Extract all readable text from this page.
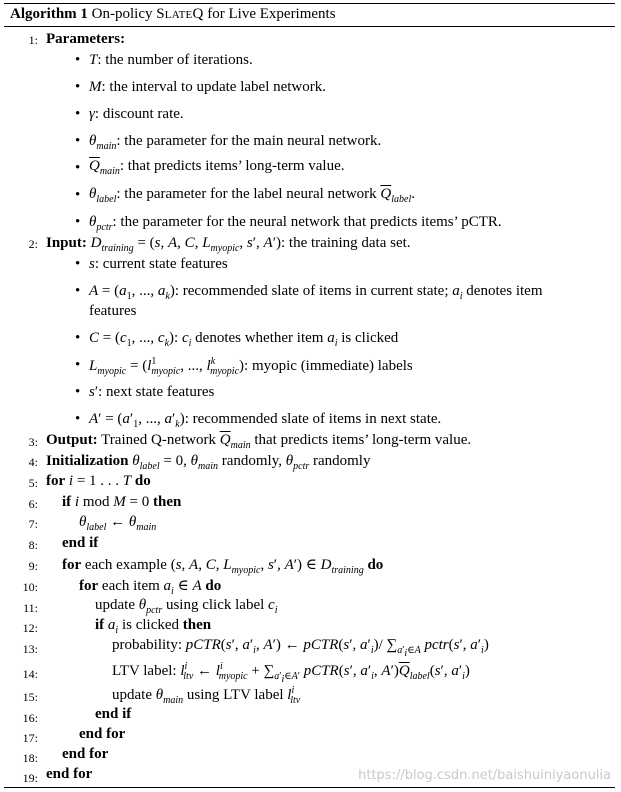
Algorithm 1 On-policy SlateQ for Live Experiments
1: Parameters:
• T: the number of iterations.
• M: the interval to update label network.
• γ: discount rate.
• $\theta_{main}$: the parameter for the main neural network.
• $\overline{Q}_{main}$: that predicts items’ long-term value.
• $\theta_{label}$: the parameter for the label neural network $\overline{Q}_{label}$.
• $\theta_{pctr}$: the parameter for the neural network that predicts items’ pCTR.
2: Input: $D_{training} = (s$, A, C, $L_{myopic}$, s′, A′): the training data set.
• s: current state features
• $A = (a_1$, ..., $a_k$): recommended slate of items in current state; $a_i$ denotes item
features
• $C = (c_1$, ..., $c_k$): $c_i$ denotes whether item $a_i$ is clicked
• $L_{myopic} = (l^1_{myopic}$, ..., $l^k_{myopic}$): myopic (immediate) labels
• s′: next state features
• $A' = (a'_1$, ..., $a'_k$): recommended slate of items in next state.
3: Output: Trained Q-network $\overline{Q}_{main}$ that predicts items’ long-term value.
4: Initialization $\theta_{label} = 0$, $\theta_{main}$ randomly, $\theta_{pctr}$ randomly
5: for i = 1 . . . T do
6: if i mod M = 0 then
7:	$\theta_{label}$ ← $\theta_{main}$
8: end if
9: for each example (s, A, C, $L_{myopic}$, s′, A′) ∈ $D_{training}$ do
10:	for each item $a_i$ ∈ A do
11:	update $\theta_{pctr}$ using click label $c_i$
12:	if $a_i$ is clicked then
13:	probability: pCTR(s′, $a'_i$, A′) ← pCTR(s′, $a'_i)/$ $\sum_{a'_i\in A}$ pctr(s′, $a'_i$)
14:	LTV label: $l^i_{ltv}$ ← $l^i_{myopic} + \sum_{a'_i\in A'}$ pCTR(s′, $a'_i$, $A')\overline{Q}_{label}(s'$, $a'_i$)
15:	update $\theta_{main}$ using LTV label $l^i_{ltv}$
16:	end if
17:	end for
18: end for
19: end for	https://blog.csdn.net/baishuiniyaonulia
